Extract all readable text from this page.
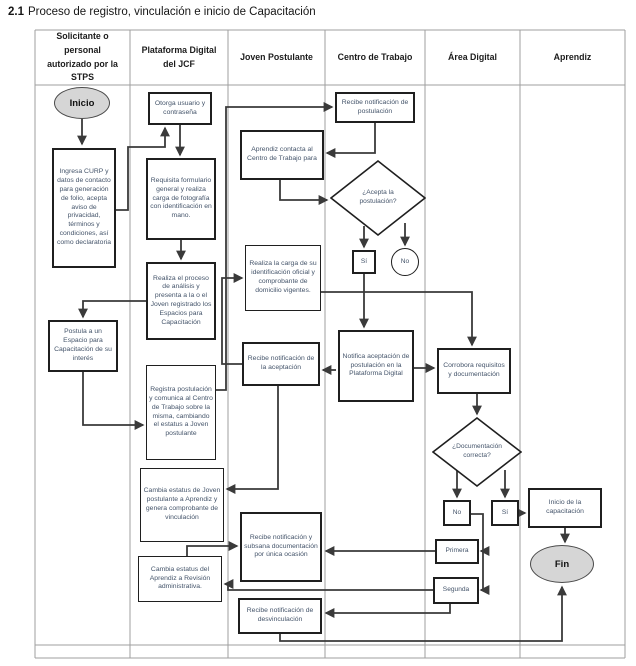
2.1 Proceso de registro, vinculación e inicio de Capacitación
Solicitante o personal autorizado por la STPS
Plataforma Digital del JCF
Joven Postulante	Centro de Trabajo	Área Digital	Aprendiz
Inicio
Ingresa CURP y datos de contacto para generación de folio, acepta aviso de privacidad, términos y condiciones, así como declaratoria
Postula a un Espacio para Capacitación de su interés
Otorga usuario y contraseña
Requisita formulario general y realiza carga de fotografía con identificación en mano.
Realiza el proceso de análisis y presenta a la o el Joven registrado los Espacios para Capacitación
Registra postulación y comunica al Centro de Trabajo sobre la misma, cambiando el estatus a Joven postulante
Cambia estatus de Joven postulante a Aprendiz y genera comprobante de vinculación
Cambia estatus del Aprendiz a Revisión administrativa.
Aprendiz contacta al Centro de Trabajo para
Realiza la carga de su identificación oficial y comprobante de domicilio vigentes.
Recibe notificación de la aceptación
Recibe notificación y subsana documentación por única ocasión
Recibe notificación de desvinculación
Recibe notificación de postulación
¿Acepta la postulación?
Sí	No
Notifica aceptación de postulación en la Plataforma Digital
Corrobora requisitos y documentación
¿Documentación correcta?
No	Sí
Primera
Segunda
Inicio de la capacitación
Fin
